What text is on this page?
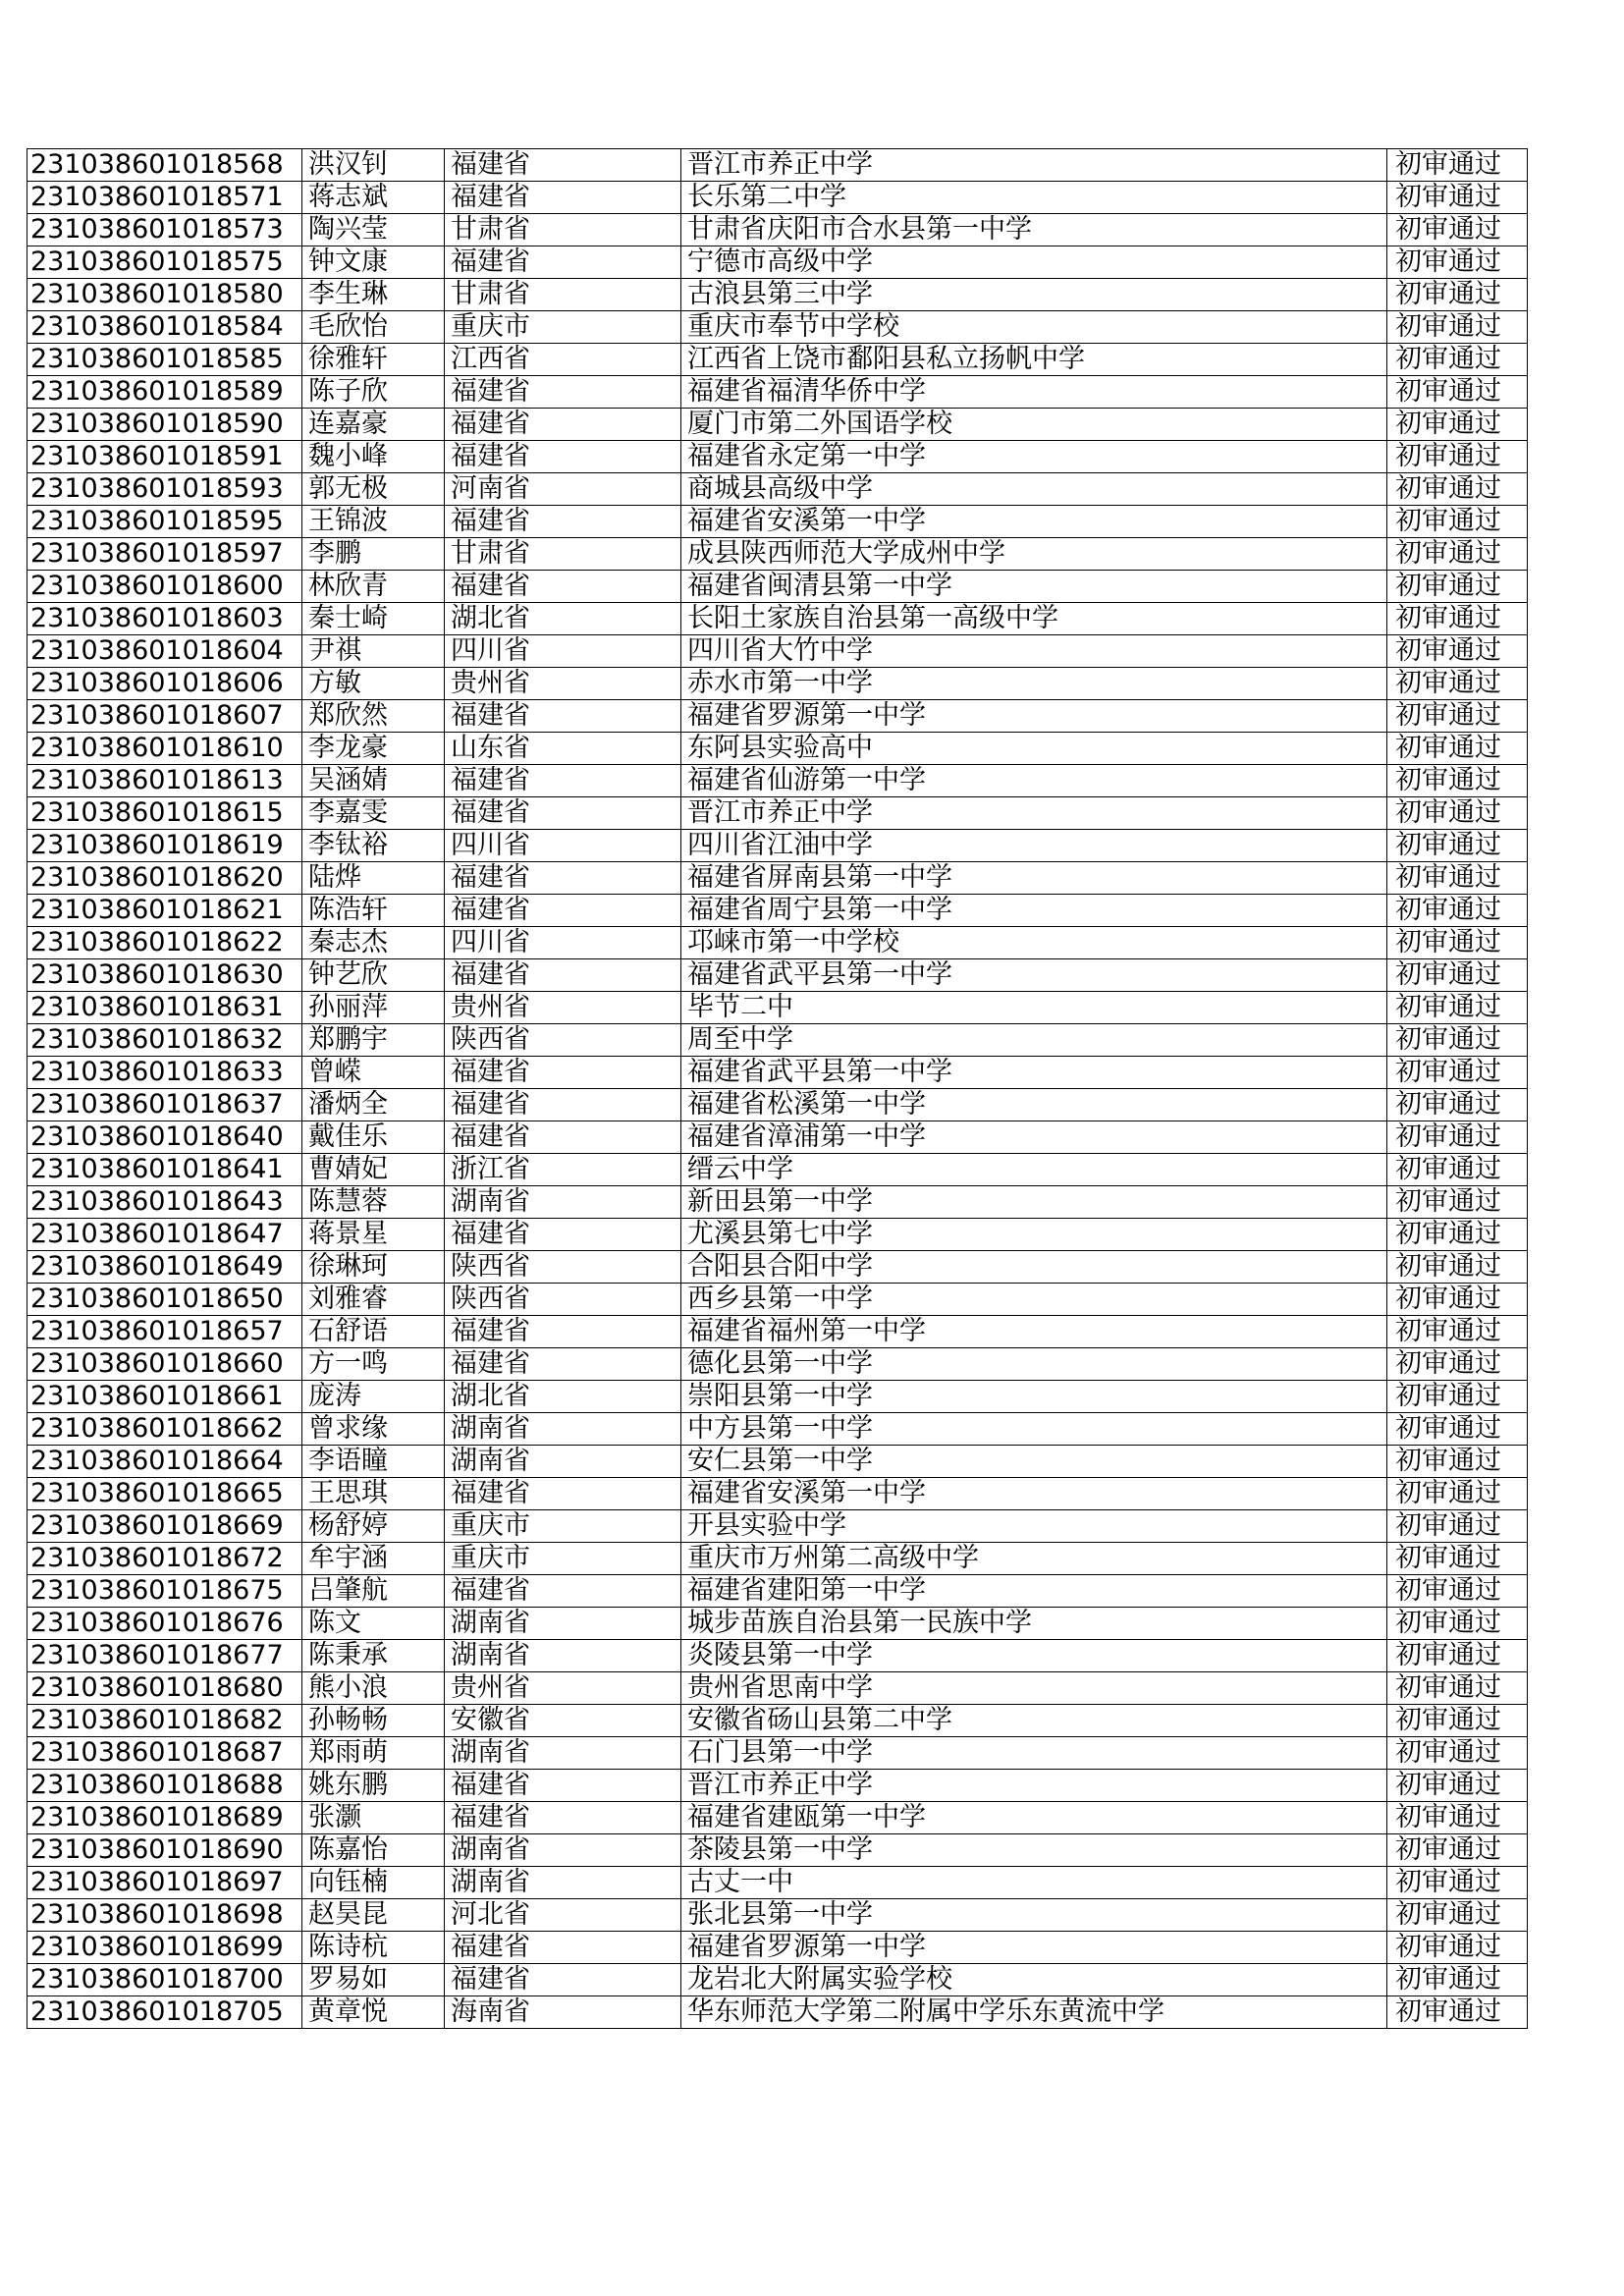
231038601018568	洪汉钊	福建省	晋江市养正中学	初审通过
231038601018571	蒋志斌	福建省	长乐第二中学	初审通过
231038601018573	陶兴莹	甘肃省	甘肃省庆阳市合水县第一中学	初审通过
231038601018575	钟文康	福建省	宁德市高级中学	初审通过
231038601018580	李生琳	甘肃省	古浪县第三中学	初审通过
231038601018584	毛欣怡	重庆市	重庆市奉节中学校	初审通过
231038601018585	徐雅轩	江西省	江西省上饶市鄱阳县私立扬帆中学	初审通过
231038601018589	陈子欣	福建省	福建省福清华侨中学	初审通过
231038601018590	连嘉豪	福建省	厦门市第二外国语学校	初审通过
231038601018591	魏小峰	福建省	福建省永定第一中学	初审通过
231038601018593	郭无极	河南省	商城县高级中学	初审通过
231038601018595	王锦波	福建省	福建省安溪第一中学	初审通过
231038601018597	李鹏	甘肃省	成县陕西师范大学成州中学	初审通过
231038601018600	林欣青	福建省	福建省闽清县第一中学	初审通过
231038601018603	秦士崎	湖北省	长阳土家族自治县第一高级中学	初审通过
231038601018604	尹祺	四川省	四川省大竹中学	初审通过
231038601018606	方敏	贵州省	赤水市第一中学	初审通过
231038601018607	郑欣然	福建省	福建省罗源第一中学	初审通过
231038601018610	李龙豪	山东省	东阿县实验高中	初审通过
231038601018613	吴涵婧	福建省	福建省仙游第一中学	初审通过
231038601018615	李嘉雯	福建省	晋江市养正中学	初审通过
231038601018619	李钛裕	四川省	四川省江油中学	初审通过
231038601018620	陆烨	福建省	福建省屏南县第一中学	初审通过
231038601018621	陈浩轩	福建省	福建省周宁县第一中学	初审通过
231038601018622	秦志杰	四川省	邛崃市第一中学校	初审通过
231038601018630	钟艺欣	福建省	福建省武平县第一中学	初审通过
231038601018631	孙丽萍	贵州省	毕节二中	初审通过
231038601018632	郑鹏宇	陕西省	周至中学	初审通过
231038601018633	曾嵘	福建省	福建省武平县第一中学	初审通过
231038601018637	潘炳全	福建省	福建省松溪第一中学	初审通过
231038601018640	戴佳乐	福建省	福建省漳浦第一中学	初审通过
231038601018641	曹婧妃	浙江省	缙云中学	初审通过
231038601018643	陈慧蓉	湖南省	新田县第一中学	初审通过
231038601018647	蒋景星	福建省	尤溪县第七中学	初审通过
231038601018649	徐琳珂	陕西省	合阳县合阳中学	初审通过
231038601018650	刘雅睿	陕西省	西乡县第一中学	初审通过
231038601018657	石舒语	福建省	福建省福州第一中学	初审通过
231038601018660	方一鸣	福建省	德化县第一中学	初审通过
231038601018661	庞涛	湖北省	崇阳县第一中学	初审通过
231038601018662	曾求缘	湖南省	中方县第一中学	初审通过
231038601018664	李语瞳	湖南省	安仁县第一中学	初审通过
231038601018665	王思琪	福建省	福建省安溪第一中学	初审通过
231038601018669	杨舒婷	重庆市	开县实验中学	初审通过
231038601018672	牟宇涵	重庆市	重庆市万州第二高级中学	初审通过
231038601018675	吕肇航	福建省	福建省建阳第一中学	初审通过
231038601018676	陈文	湖南省	城步苗族自治县第一民族中学	初审通过
231038601018677	陈秉承	湖南省	炎陵县第一中学	初审通过
231038601018680	熊小浪	贵州省	贵州省思南中学	初审通过
231038601018682	孙畅畅	安徽省	安徽省砀山县第二中学	初审通过
231038601018687	郑雨萌	湖南省	石门县第一中学	初审通过
231038601018688	姚东鹏	福建省	晋江市养正中学	初审通过
231038601018689	张灏	福建省	福建省建瓯第一中学	初审通过
231038601018690	陈嘉怡	湖南省	茶陵县第一中学	初审通过
231038601018697	向钰楠	湖南省	古丈一中	初审通过
231038601018698	赵昊昆	河北省	张北县第一中学	初审通过
231038601018699	陈诗杭	福建省	福建省罗源第一中学	初审通过
231038601018700	罗易如	福建省	龙岩北大附属实验学校	初审通过
231038601018705	黄章悦	海南省	华东师范大学第二附属中学乐东黄流中学	初审通过
